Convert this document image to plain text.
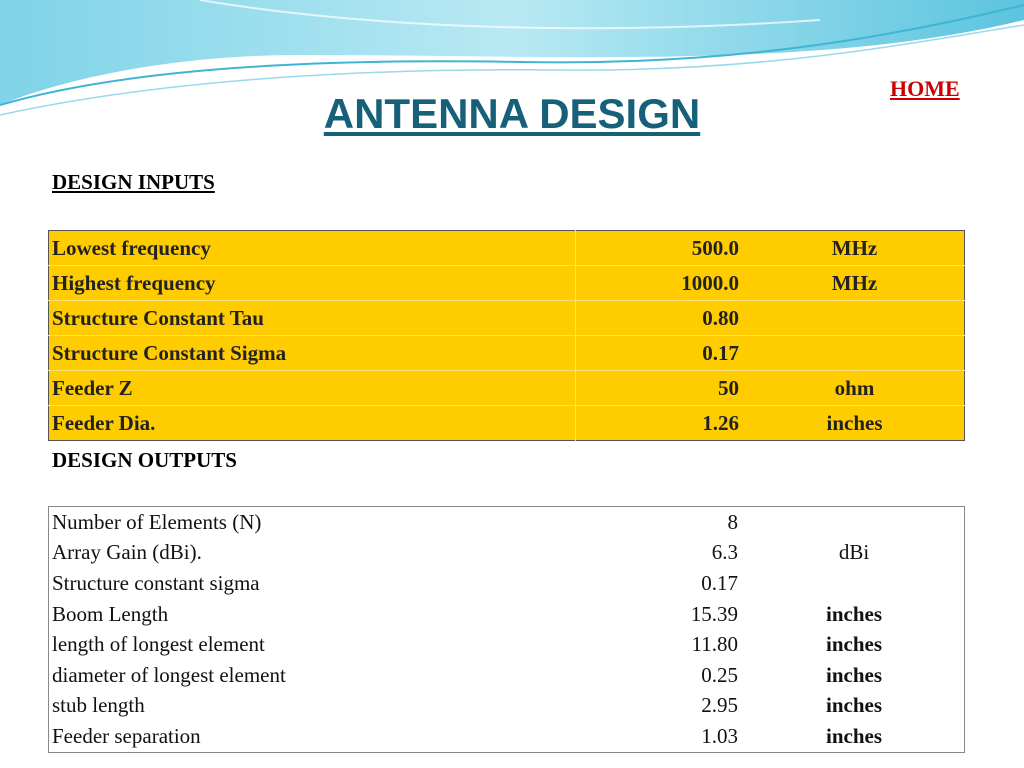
HOME
ANTENNA DESIGN
DESIGN INPUTS
Lowest frequency	500.0	MHz
Highest frequency	1000.0	MHz
Structure Constant Tau	0.80	
Structure Constant Sigma	0.17	
Feeder Z	50	ohm
Feeder Dia.	1.26	inches
DESIGN OUTPUTS
Number of Elements (N)	8	
Array Gain (dBi).	6.3	dBi
Structure constant sigma	0.17	
Boom Length	15.39	inches
length of longest element	11.80	inches
diameter of longest element	0.25	inches
stub length	2.95	inches
Feeder separation	1.03	inches
